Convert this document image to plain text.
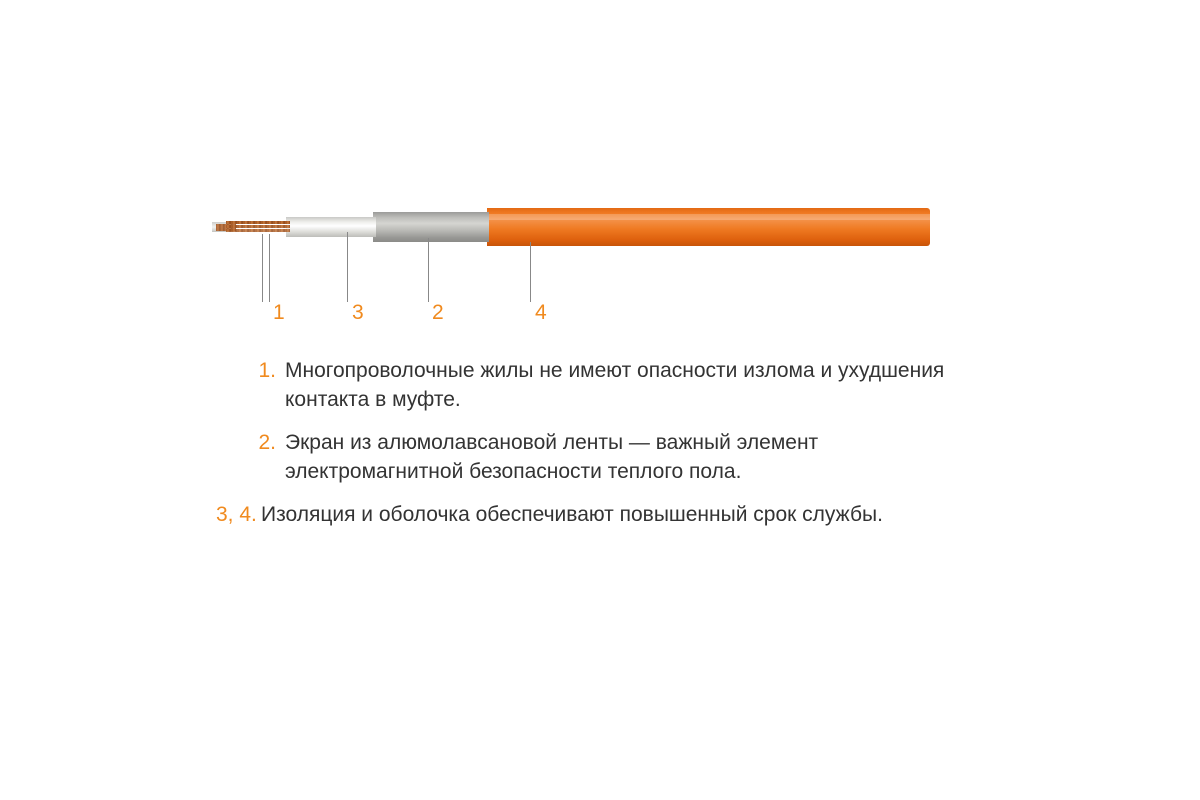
1	3	2	4
1. Многопроволочные жилы не имеют опасности излома и ухудшения контакта в муфте.
2. Экран из алюмолавсановой ленты — важный элемент электромагнитной безопасности теплого пола.
3, 4. Изоляция и оболочка обеспечивают повышенный срок службы.
